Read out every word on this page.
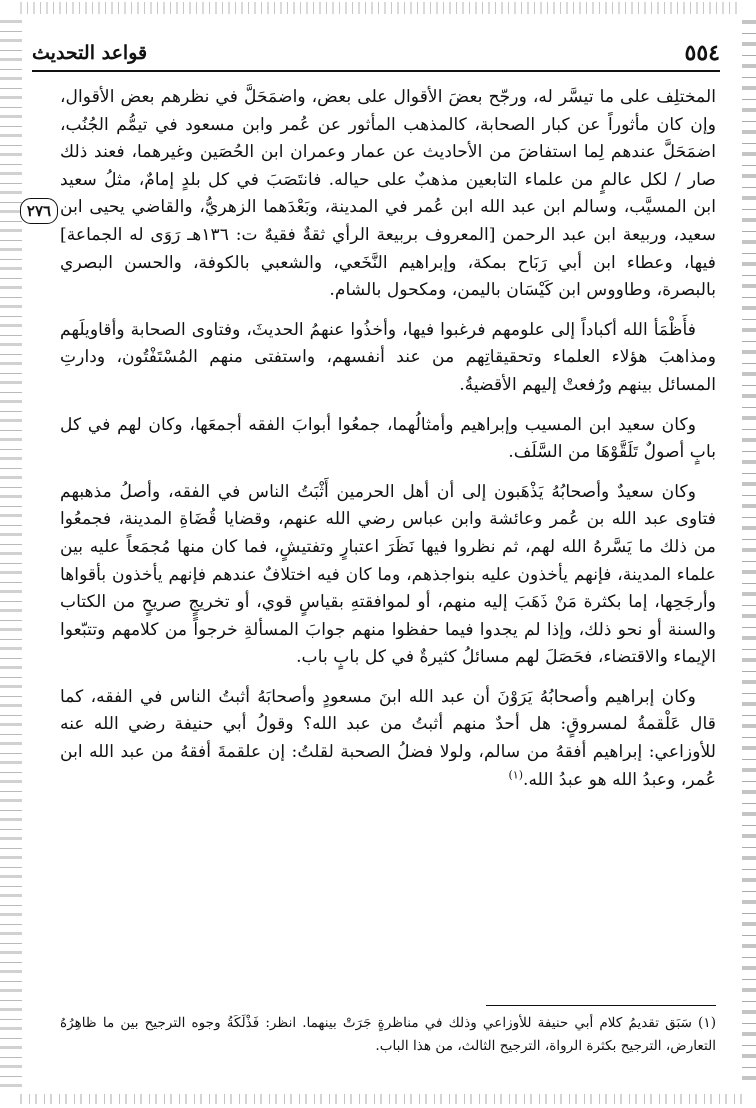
٥٥٤
قواعد التحديث
٢٧٦

المختلِف على ما تيسَّر له، ورجّح بعضَ الأقوال على بعض، واضمَحَلَّ في نظرهم بعض الأقوال، وإن كان مأثوراً عن كبار الصحابة، كالمذهب المأثور عن عُمر وابن مسعود في تيمُّم الجُنُب، اضمَحَلَّ عندهم لِما استفاضَ من الأحاديث عن عمار وعمران ابن الحُصَين وغيرهما، فعند ذلك صار / لكل عالمٍ من علماء التابعين مذهبٌ على حياله. فانتَصَبَ في كل بلدٍ إمامٌ، مثلُ سعيد ابن المسيَّب، وسالم ابن عبد الله ابن عُمر في المدينة، وبَعْدَهما الزهريُّ، والقاضي يحيى ابن سعيد، وربيعة ابن عبد الرحمن [المعروف بربيعة الرأي ثقةٌ فقيهٌ ت: ١٣٦هـ رَوَى له الجماعة] فيها، وعطاء ابن أبي رَبَاح بمكة، وإبراهيم النَّخَعي، والشعبي بالكوفة، والحسن البصري بالبصرة، وطاووس ابن كَيْسَان باليمن، ومكحول بالشام.

فأَظْمَأ الله أكباداً إلى علومهم فرغبوا فيها، وأخذُوا عنهمُ الحديثَ، وفتاوى الصحابة وأقاويلَهم ومذاهبَ هؤلاء العلماء وتحقيقاتِهم من عند أنفسهم، واستفتى منهم المُسْتَفْتُون، ودارتِ المسائل بينهم ورُفعتْ إليهم الأقضيةُ.

وكان سعيد ابن المسيب وإبراهيم وأمثالُهما، جمعُوا أبوابَ الفقه أجمعَها، وكان لهم في كل بابٍ أصولٌ تَلَقَّوْهَا من السَّلَف.

وكان سعيدٌ وأصحابُهُ يَذْهَبون إلى أن أهل الحرمين أَثْبَتُ الناس في الفقه، وأصلُ مذهبهم فتاوى عبد الله بن عُمر وعائشة وابن عباس رضي الله عنهم، وقضايا قُضَاةِ المدينة، فجمعُوا من ذلك ما يَسَّرهُ الله لهم، ثم نظروا فيها نَظَرَ اعتبارٍ وتفتيشٍ، فما كان منها مُجمَعاً عليه بين علماء المدينة، فإنهم يأخذون عليه بنواجذهم، وما كان فيه اختلافٌ عندهم فإنهم يأخذون بأقواها وأرجَحِها، إما بكثرة مَنْ ذَهَبَ إليه منهم، أو لموافقتهِ بقياسٍ قوي، أو تخريجٍ صريحٍ من الكتاب والسنة أو نحو ذلك، وإذا لم يجدوا فيما حفظوا منهم جوابَ المسألةِ خرجواً من كلامهم وتتبّعوا الإيماء والاقتضاء، فحَصَلَ لهم مسائلُ كثيرةٌ في كل بابٍ باب.

وكان إبراهيم وأصحابُهُ يَرَوْنَ أن عبد الله ابنَ مسعودٍ وأصحابَهُ أثبتُ الناس في الفقه، كما قال عَلْقمةُ لمسروقٍ: هل أحدٌ منهم أثبتُ من عبد الله؟ وقولُ أبي حنيفة رضي الله عنه للأوزاعي: إبراهيم أفقهُ من سالم، ولولا فضلُ الصحبة لقلتُ: إن علقمةَ أفقهُ من عبد الله ابن عُمر، وعبدُ الله هو عبدُ الله.$^{(١)}$

(١) سَبَق تقديمُ كلام أبي حنيفة للأوزاعي وذلك في مناظرةٍ جَرَتْ بينهما. انظر: فَذْلَكَةُ وجوه الترجيح بين ما ظاهِرُهُ التعارض، الترجيح بكثرة الرواة، الترجيح الثالث، من هذا الباب.
